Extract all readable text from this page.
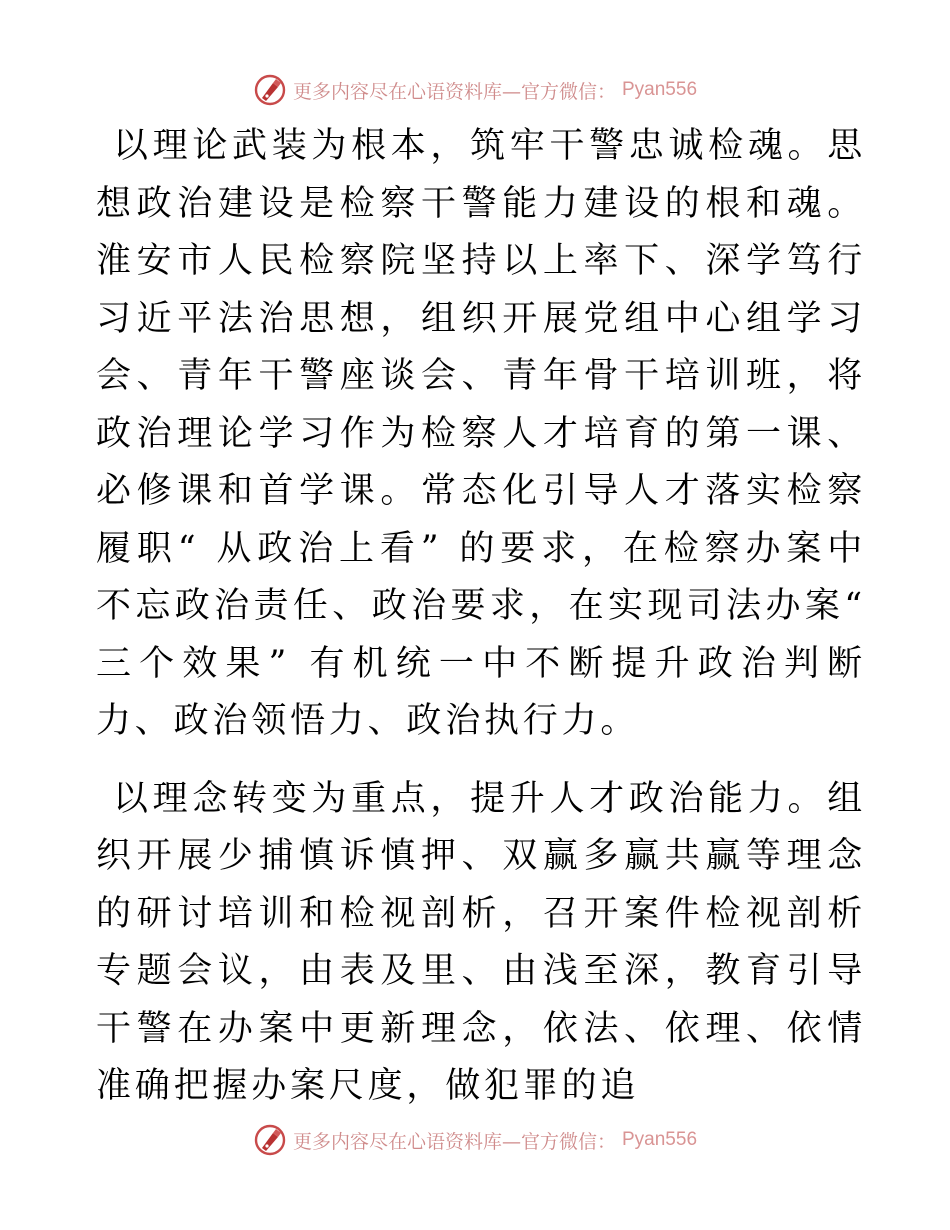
更多内容尽在心语资料库—官方微信： Pyan556

以理论武装为根本，筑牢干警忠诚检魂。思想政治建设是检察干警能力建设的根和魂。淮安市人民检察院坚持以上率下、深学笃行习近平法治思想，组织开展党组中心组学习会、青年干警座谈会、青年骨干培训班，将政治理论学习作为检察人才培育的第一课、必修课和首学课。常态化引导人才落实检察履职“ 从政治上看” 的要求，在检察办案中不忘政治责任、政治要求，在实现司法办案“ 三个效果” 有机统一中不断提升政治判断力、政治领悟力、政治执行力。

以理念转变为重点，提升人才政治能力。组织开展少捕慎诉慎押、双赢多赢共赢等理念的研讨培训和检视剖析，召开案件检视剖析专题会议，由表及里、由浅至深，教育引导干警在办案中更新理念，依法、依理、依情准确把握办案尺度，做犯罪的追

更多内容尽在心语资料库—官方微信： Pyan556
